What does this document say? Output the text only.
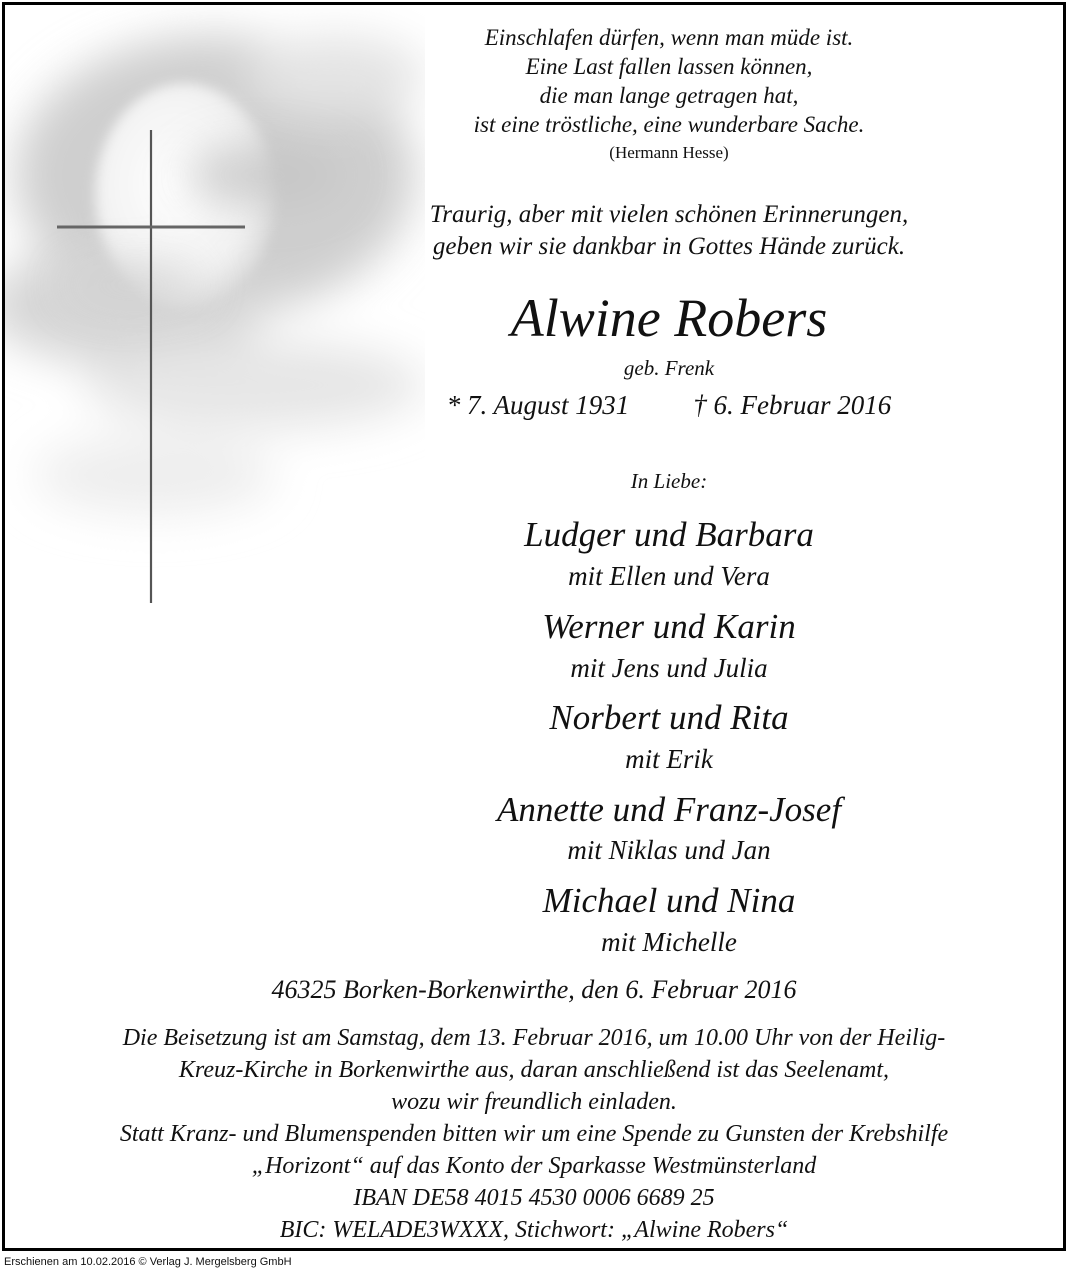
Einschlafen dürfen, wenn man müde ist.
Eine Last fallen lassen können,
die man lange getragen hat,
ist eine tröstliche, eine wunderbare Sache.
(Hermann Hesse)
Traurig, aber mit vielen schönen Erinnerungen,
geben wir sie dankbar in Gottes Hände zurück.
Alwine Robers
geb. Frenk
* 7. August 1931 † 6. Februar 2016
In Liebe:
Ludger und Barbara
mit Ellen und Vera
Werner und Karin
mit Jens und Julia
Norbert und Rita
mit Erik
Annette und Franz-Josef
mit Niklas und Jan
Michael und Nina
mit Michelle
46325 Borken-Borkenwirthe, den 6. Februar 2016
Die Beisetzung ist am Samstag, dem 13. Februar 2016, um 10.00 Uhr von der Heilig-
Kreuz-Kirche in Borkenwirthe aus, daran anschließend ist das Seelenamt,
wozu wir freundlich einladen.
Statt Kranz- und Blumenspenden bitten wir um eine Spende zu Gunsten der Krebshilfe
„Horizont“ auf das Konto der Sparkasse Westmünsterland
IBAN DE58 4015 4530 0006 6689 25
BIC: WELADE3WXXX, Stichwort: „Alwine Robers“
Erschienen am 10.02.2016 © Verlag J. Mergelsberg GmbH
